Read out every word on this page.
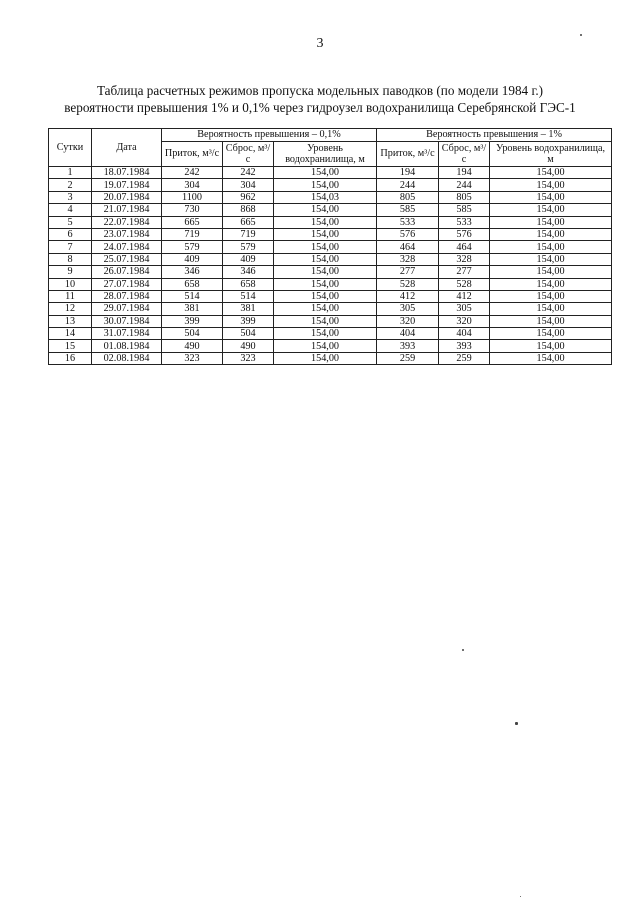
3
Таблица расчетных режимов пропуска модельных паводков (по модели 1984 г.)
вероятности превышения 1% и 0,1% через гидроузел водохранилища Серебрянской ГЭС-1
Сутки	Дата	Вероятность превышения – 0,1%			Вероятность превышения – 1%		
		Приток, м³/с	Сброс, м³/с	Уровень водохранилища, м	Приток, м³/с	Сброс, м³/с	Уровень водохранилища, м
1	18.07.1984	242	242	154,00	194	194	154,00
2	19.07.1984	304	304	154,00	244	244	154,00
3	20.07.1984	1100	962	154,03	805	805	154,00
4	21.07.1984	730	868	154,00	585	585	154,00
5	22.07.1984	665	665	154,00	533	533	154,00
6	23.07.1984	719	719	154,00	576	576	154,00
7	24.07.1984	579	579	154,00	464	464	154,00
8	25.07.1984	409	409	154,00	328	328	154,00
9	26.07.1984	346	346	154,00	277	277	154,00
10	27.07.1984	658	658	154,00	528	528	154,00
11	28.07.1984	514	514	154,00	412	412	154,00
12	29.07.1984	381	381	154,00	305	305	154,00
13	30.07.1984	399	399	154,00	320	320	154,00
14	31.07.1984	504	504	154,00	404	404	154,00
15	01.08.1984	490	490	154,00	393	393	154,00
16	02.08.1984	323	323	154,00	259	259	154,00
